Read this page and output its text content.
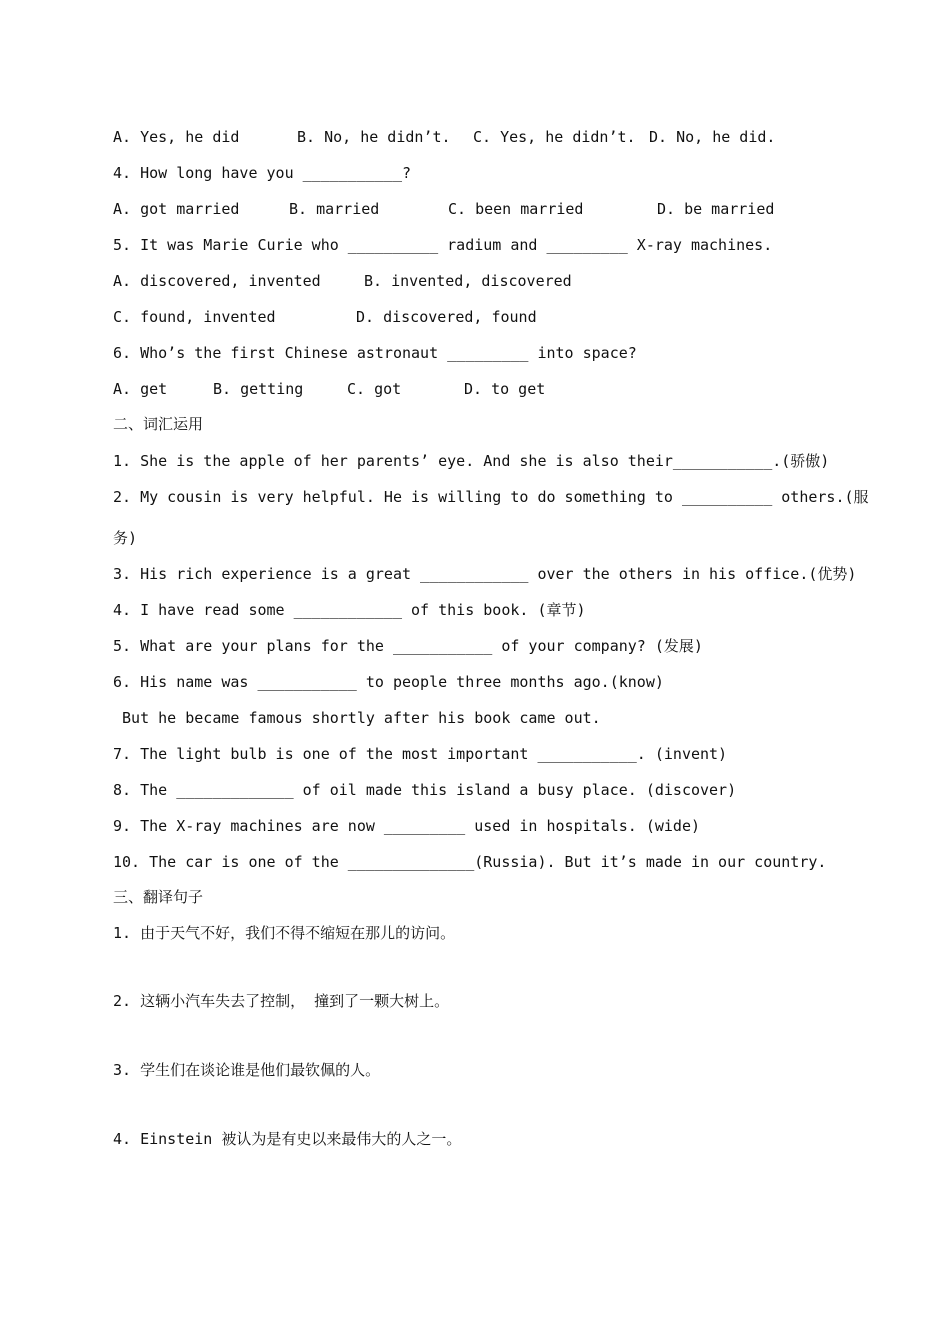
A. Yes, he did

	B. No, he didn’t.

C. Yes, he didn’t.

D. No, he did.

4. How long have you ___________?

A. got married

	B. married

	C. been married

	D. be married

5. It was Marie Curie who __________ radium and _________ X-ray machines.

A. discovered, invented

	B. invented, discovered

C. found, invented

	D. discovered, found

6. Who’s the first Chinese astronaut _________ into space?

A. get

	B. getting

	C. got

	D. to get

二、词汇运用
1. She is the apple of her parents’ eye. And she is also their___________.(骄傲)
2. My cousin is very helpful. He is willing to do something to __________ others.(服
务)
3. His rich experience is a great ____________ over the others in his office.(优势)
4. I have read some ____________ of this book. (章节)
5. What are your plans for the ___________ of your company? (发展)
6. His name was ___________ to people three months ago.(know)
But he became famous shortly after his book came out.
7. The light bulb is one of the most important ___________. (invent)
8. The _____________ of oil made this island a busy place. (discover)
9. The X-ray machines are now _________ used in hospitals. (wide)
10. The car is one of the ______________(Russia). But it’s made in our country.
三、翻译句子
1. 由于天气不好，我们不得不缩短在那儿的访问。
2. 这辆小汽车失去了控制， 撞到了一颗大树上。
3. 学生们在谈论谁是他们最钦佩的人。
4. Einstein 被认为是有史以来最伟大的人之一。
